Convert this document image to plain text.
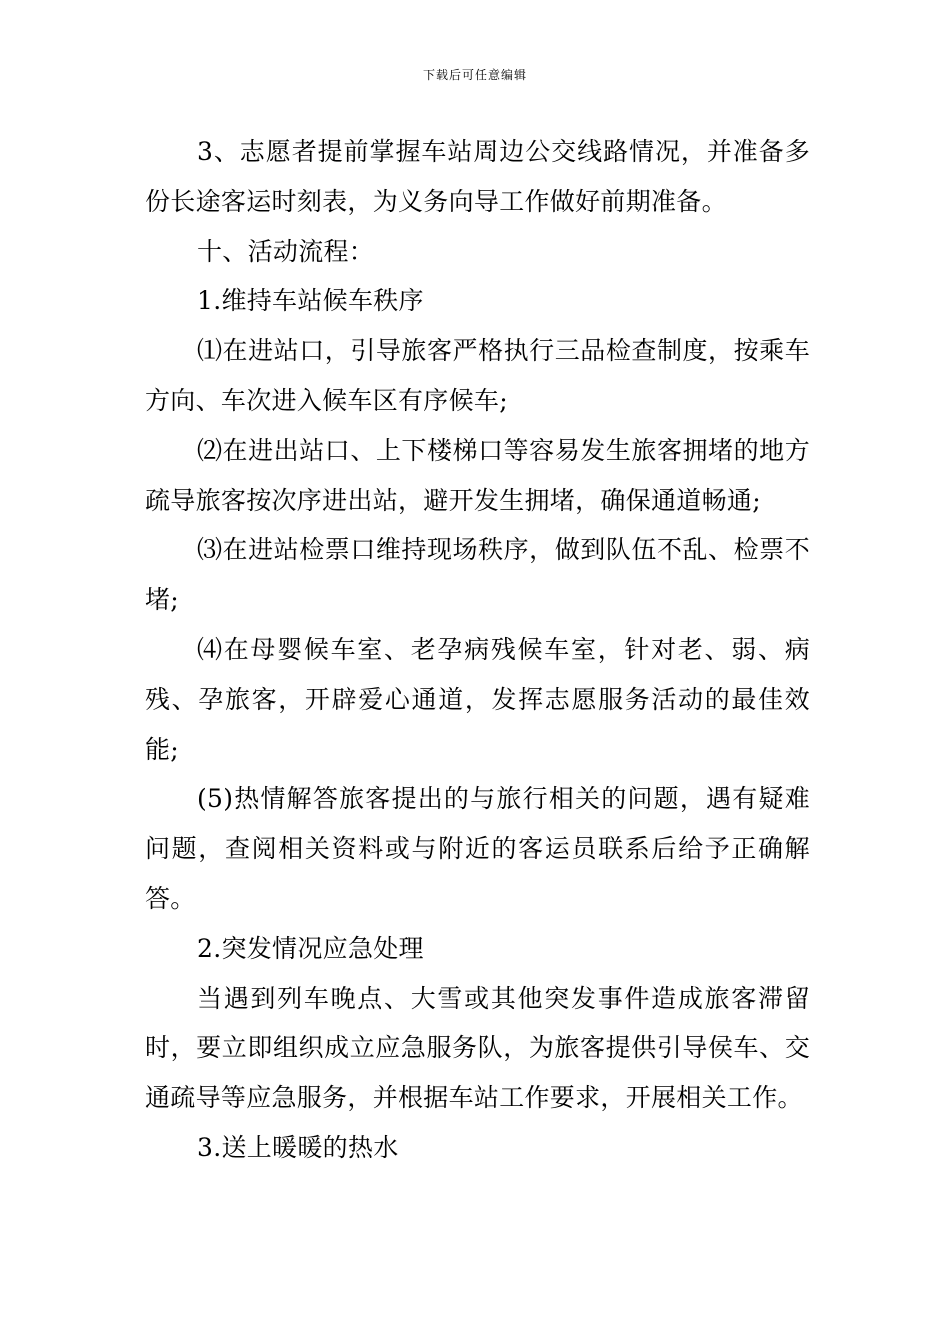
下载后可任意编辑

3、志愿者提前掌握车站周边公交线路情况，并准备多份长途客运时刻表，为义务向导工作做好前期准备。

十、活动流程：

1.维持车站候车秩序

⑴在进站口，引导旅客严格执行三品检查制度，按乘车方向、车次进入候车区有序候车;

⑵在进出站口、上下楼梯口等容易发生旅客拥堵的地方疏导旅客按次序进出站，避开发生拥堵，确保通道畅通;

⑶在进站检票口维持现场秩序，做到队伍不乱、检票不堵;

⑷在母婴候车室、老孕病残候车室，针对老、弱、病残、孕旅客，开辟爱心通道，发挥志愿服务活动的最佳效能;

(5)热情解答旅客提出的与旅行相关的问题，遇有疑难问题，查阅相关资料或与附近的客运员联系后给予正确解答。

2.突发情况应急处理

当遇到列车晚点、大雪或其他突发事件造成旅客滞留时，要立即组织成立应急服务队，为旅客提供引导侯车、交通疏导等应急服务，并根据车站工作要求，开展相关工作。

3.送上暖暖的热水
